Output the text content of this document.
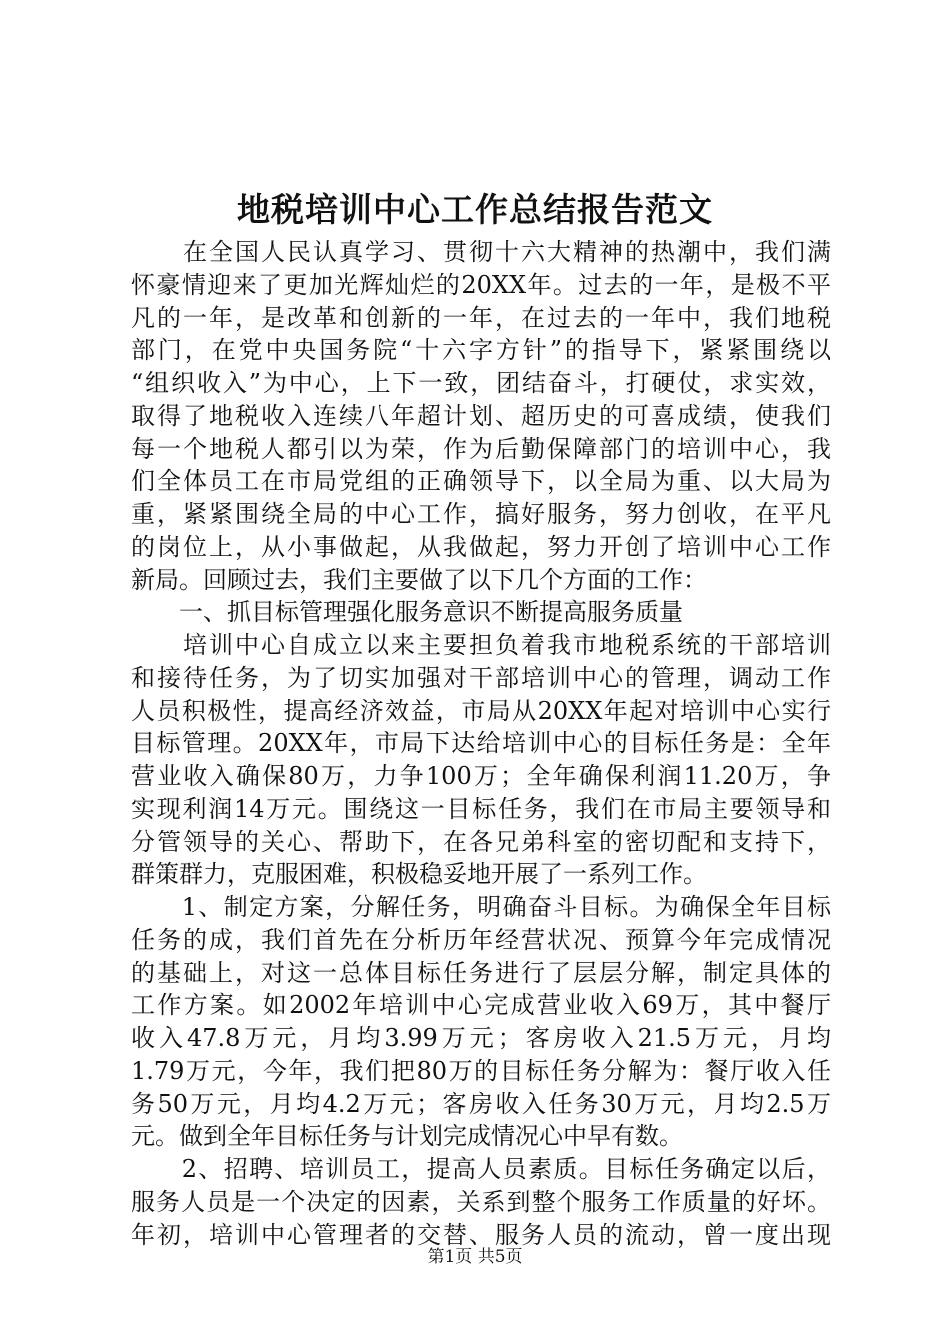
地税培训中心工作总结报告范文
　　在全国人民认真学习、贯彻十六大精神的热潮中，我们满
怀豪情迎来了更加光辉灿烂的20XX年。过去的一年，是极不平
凡的一年，是改革和创新的一年，在过去的一年中，我们地税
部门，在党中央国务院“十六字方针”的指导下，紧紧围绕以
“组织收入”为中心，上下一致，团结奋斗，打硬仗，求实效，
取得了地税收入连续八年超计划、超历史的可喜成绩，使我们
每一个地税人都引以为荣，作为后勤保障部门的培训中心，我
们全体员工在市局党组的正确领导下，以全局为重、以大局为
重，紧紧围绕全局的中心工作，搞好服务，努力创收，在平凡
的岗位上，从小事做起，从我做起，努力开创了培训中心工作
新局。回顾过去，我们主要做了以下几个方面的工作：
　　一、抓目标管理强化服务意识不断提高服务质量
　　培训中心自成立以来主要担负着我市地税系统的干部培训
和接待任务，为了切实加强对干部培训中心的管理，调动工作
人员积极性，提高经济效益，市局从20XX年起对培训中心实行
目标管理。20XX年，市局下达给培训中心的目标任务是：全年
营业收入确保80万，力争100万；全年确保利润11.20万，争
实现利润14万元。围绕这一目标任务，我们在市局主要领导和
分管领导的关心、帮助下，在各兄弟科室的密切配和支持下，
群策群力，克服困难，积极稳妥地开展了一系列工作。
　　1、制定方案，分解任务，明确奋斗目标。为确保全年目标
任务的成，我们首先在分析历年经营状况、预算今年完成情况
的基础上，对这一总体目标任务进行了层层分解，制定具体的
工作方案。如2002年培训中心完成营业收入69万，其中餐厅
收入47.8万元，月均3.99万元；客房收入21.5万元，月均
1.79万元，今年，我们把80万的目标任务分解为：餐厅收入任
务50万元，月均4.2万元；客房收入任务30万元，月均2.5万
元。做到全年目标任务与计划完成情况心中早有数。
　　2、招聘、培训员工，提高人员素质。目标任务确定以后，
服务人员是一个决定的因素，关系到整个服务工作质量的好坏。
年初，培训中心管理者的交替、服务人员的流动，曾一度出现
第1页 共5页
